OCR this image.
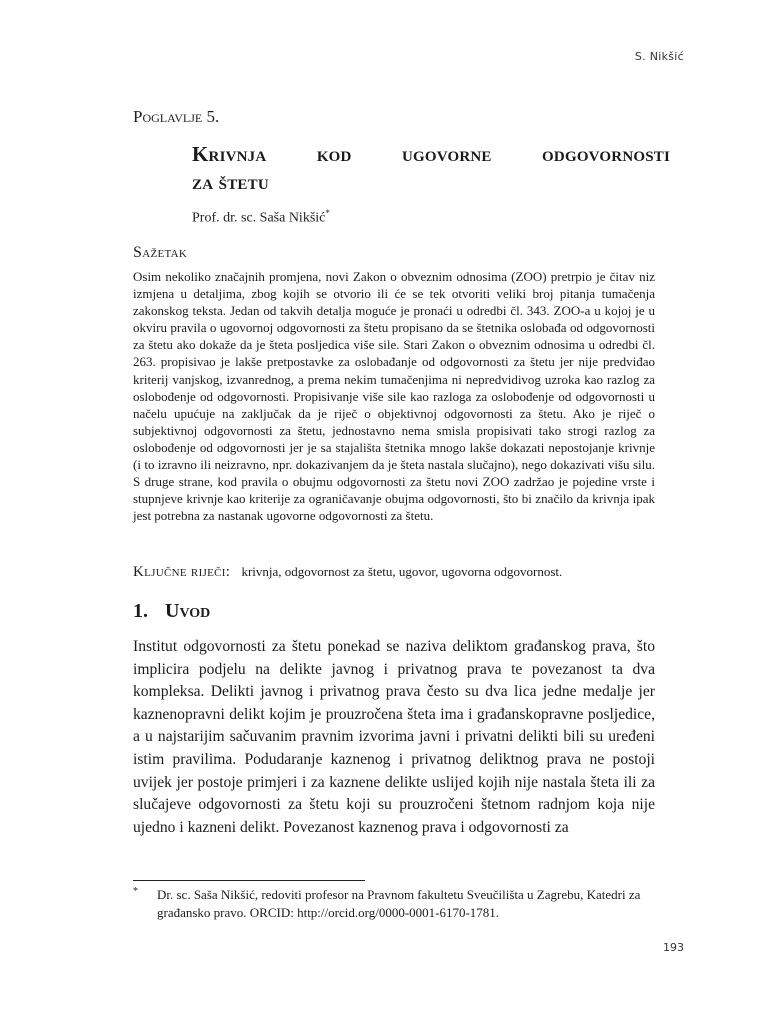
S. Nikšić
Poglavlje 5.
Krivnja kod ugovorne odgovornosti
za štetu
Prof. dr. sc. Saša Nikšić*
Sažetak

Osim nekoliko značajnih promjena, novi Zakon o obveznim odnosima (ZOO) pretrpio je čitav niz izmjena u detaljima, zbog kojih se otvorio ili će se tek otvoriti veliki broj pitanja tumačenja zakonskog teksta. Jedan od takvih detalja moguće je pronaći u odredbi čl. 343. ZOO-a u kojoj je u okviru pravila o ugovornoj odgovornosti za štetu propisano da se štetnika oslobađa od odgovornosti za štetu ako dokaže da je šteta posljedica više sile. Stari Zakon o obveznim odnosima u odredbi čl. 263. propisivao je lakše pretpostavke za oslobađanje od odgovornosti za štetu jer nije predviđao kriterij vanjskog, izvanrednog, a prema nekim tumačenjima ni nepredvidivog uzroka kao razlog za oslobođenje od odgovornosti. Propisivanje više sile kao razloga za oslobođenje od odgovornosti u načelu upućuje na zaključak da je riječ o objektivnoj odgovornosti za štetu. Ako je riječ o subjektivnoj odgovornosti za štetu, jednostavno nema smisla propisivati tako strogi razlog za oslobođenje od odgovornosti jer je sa stajališta štetnika mnogo lakše dokazati nepostojanje krivnje (i to izravno ili neizravno, npr. dokazivanjem da je šteta nastala slučajno), nego dokazivati višu silu. S druge strane, kod pravila o obujmu odgovornosti za štetu novi ZOO zadržao je pojedine vrste i stupnjeve krivnje kao kriterije za ograničavanje obujma odgovornosti, što bi značilo da krivnja ipak jest potrebna za nastanak ugovorne odgovornosti za štetu.

Ključne riječi: krivnja, odgovornost za štetu, ugovor, ugovorna odgovornost.
1. Uvod

Institut odgovornosti za štetu ponekad se naziva deliktom građanskog prava, što implicira podjelu na delikte javnog i privatnog prava te povezanost ta dva kompleksa. Delikti javnog i privatnog prava često su dva lica jedne medalje jer kaznenopravni delikt kojim je prouzročena šteta ima i građanskopravne posljedice, a u najstarijim sačuvanim pravnim izvorima javni i privatni delikti bili su uređeni istim pravilima. Podudaranje kaznenog i privatnog deliktnog prava ne postoji uvijek jer postoje primjeri i za kaznene delikte uslijed kojih nije nastala šteta ili za slučajeve odgovornosti za štetu koji su prouzročeni štetnom radnjom koja nije ujedno i kazneni delikt. Povezanost kaznenog prava i odgovornosti za

* Dr. sc. Saša Nikšić, redoviti profesor na Pravnom fakultetu Sveučilišta u Zagrebu, Katedri za građansko pravo. ORCID: http://orcid.org/0000-0001-6170-1781.
193
